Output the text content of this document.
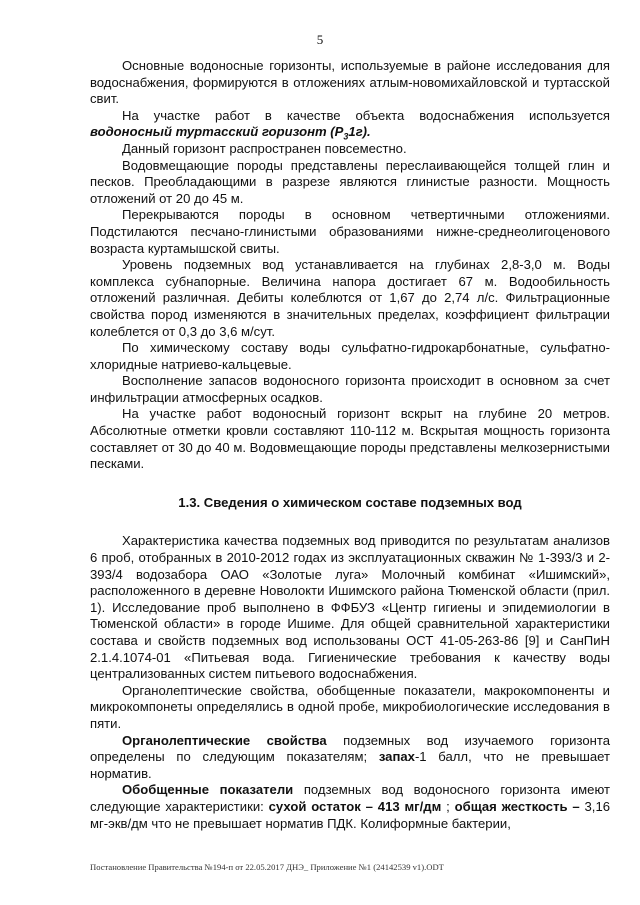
5

Основные водоносные горизонты, используемые в районе исследования для водоснабжения, формируются в отложениях атлым-новомихайловской и туртасской свит.

На участке работ в качестве объекта водоснабжения используется водоносный туртасский горизонт $(P_31г)$.

Данный горизонт распространен повсеместно.

Водовмещающие породы представлены переслаивающейся толщей глин и песков. Преобладающими в разрезе являются глинистые разности. Мощность отложений от 20 до 45 м.

Перекрываются породы в основном четвертичными отложениями. Подстилаются песчано-глинистыми образованиями нижне-среднеолигоценового возраста куртамышской свиты.

Уровень подземных вод устанавливается на глубинах 2,8-3,0 м. Воды комплекса субнапорные. Величина напора достигает 67 м. Водообильность отложений различная. Дебиты колеблются от 1,67 до 2,74 л/с. Фильтрационные свойства пород изменяются в значительных пределах, коэффициент фильтрации колеблется от 0,3 до 3,6 м/сут.

По химическому составу воды сульфатно-гидрокарбонатные, сульфатно-хлоридные натриево-кальцевые.

Восполнение запасов водоносного горизонта происходит в основном за счет инфильтрации атмосферных осадков.

На участке работ водоносный горизонт вскрыт на глубине 20 метров. Абсолютные отметки кровли составляют 110-112 м. Вскрытая мощность горизонта составляет от 30 до 40 м. Водовмещающие породы представлены мелкозернистыми песками.

1.3. Сведения о химическом составе подземных вод

Характеристика качества подземных вод приводится по результатам анализов 6 проб, отобранных в 2010-2012 годах из эксплуатационных скважин № 1-393/3 и 2-393/4 водозабора ОАО «Золотые луга» Молочный комбинат «Ишимский», расположенного в деревне Новолокти Ишимского района Тюменской области (прил. 1). Исследование проб выполнено в ФФБУЗ «Центр гигиены и эпидемиологии в Тюменской области» в городе Ишиме. Для общей сравнительной характеристики состава и свойств подземных вод использованы ОСТ 41-05-263-86 [9] и СанПиН 2.1.4.1074-01 «Питьевая вода. Гигиенические требования к качеству воды централизованных систем питьевого водоснабжения.

Органолептические свойства, обобщенные показатели, макрокомпоненты и микрокомпонеты определялись в одной пробе, микробиологические исследования в пяти.

Органолептические свойства подземных вод изучаемого горизонта определены по следующим показателям; запах-1 балл, что не превышает норматив.

Обобщенные показатели подземных вод водоносного горизонта имеют следующие характеристики: сухой остаток – 413 мг/дм ; общая жесткость – 3,16 мг-экв/дм что не превышает норматив ПДК. Колиформные бактерии,

Постановление Правительства №194-п от 22.05.2017 ДНЭ_ Приложение №1 (24142539 v1).ODT
